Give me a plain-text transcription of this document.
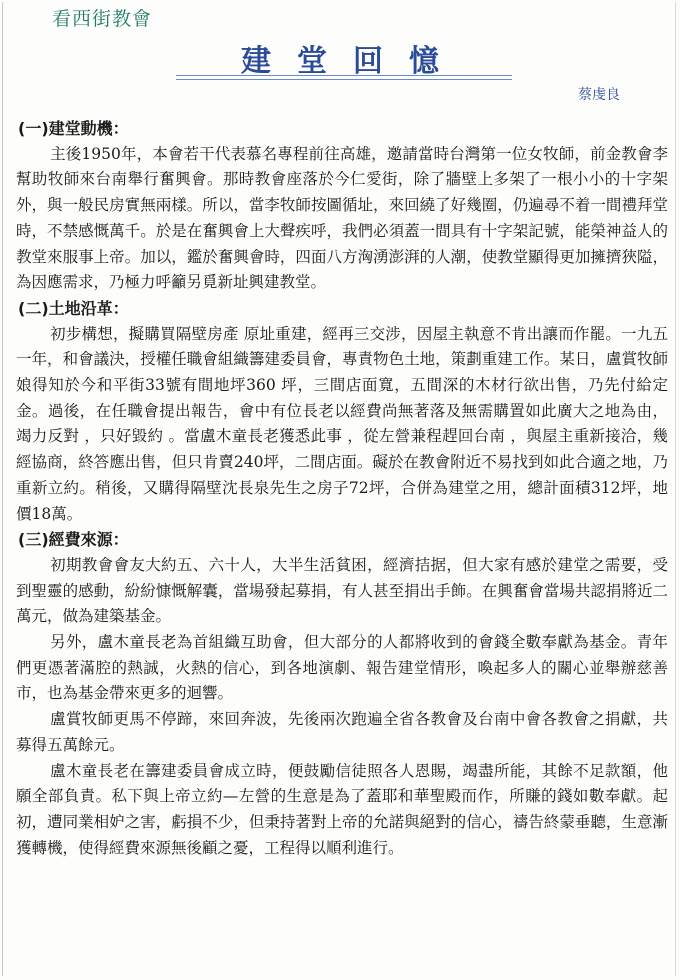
看西街教會
建堂回憶
蔡虔良

(一)建堂動機：

主後1950年，本會若干代表慕名專程前往高雄，邀請當時台灣第一位女牧師，前金教會李幫助牧師來台南舉行奮興會。那時教會座落於今仁愛街，除了牆壁上多架了一根小小的十字架外，與一般民房實無兩樣。所以，當李牧師按圖循址，來回繞了好幾圈，仍遍尋不着一間禮拜堂時，不禁感慨萬千。於是在奮興會上大聲疾呼，我們必須蓋一間具有十字架記號，能榮神益人的教堂來服事上帝。加以，鑑於奮興會時，四面八方洶湧澎湃的人潮，使教堂顯得更加擁擠狹隘，為因應需求，乃極力呼籲另覓新址興建教堂。

(二)土地沿革：

初步構想，擬購買隔壁房產 原址重建，經再三交涉，因屋主執意不肯出讓而作罷。一九五一年，和會議決，授權任職會組織籌建委員會，專責物色土地，策劃重建工作。某日，盧賞牧師娘得知於今和平街33號有間地坪360 坪，三間店面寬，五間深的木材行欲出售，乃先付給定金。過後，在任職會提出報告，會中有位長老以經費尚無著落及無需購置如此廣大之地為由， 竭力反對 ，只好毀約 。當盧木童長老獲悉此事 ，從左營兼程趕回台南 ，與屋主重新接洽，幾經協商，終答應出售，但只肯賣240坪，二間店面。礙於在教會附近不易找到如此合適之地，乃重新立約。稍後，又購得隔壁沈長泉先生之房子72坪，合併為建堂之用，總計面積312坪，地價18萬。

(三)經費來源：

初期教會會友大約五、六十人，大半生活貧困，經濟拮据，但大家有感於建堂之需要，受到聖靈的感動，紛紛慷慨解囊，當場發起募捐，有人甚至捐出手飾。在興奮會當場共認捐將近二萬元，做為建築基金。

另外，盧木童長老為首組織互助會，但大部分的人都將收到的會錢全數奉獻為基金。青年們更憑著滿腔的熱誠，火熱的信心，到各地演劇、報告建堂情形，喚起多人的關心並舉辦慈善市，也為基金帶來更多的迴響。

盧賞牧師更馬不停蹄，來回奔波，先後兩次跑遍全省各教會及台南中會各教會之捐獻，共募得五萬餘元。

盧木童長老在籌建委員會成立時，便鼓勵信徒照各人恩賜，竭盡所能，其餘不足款額，他願全部負責。私下與上帝立約—左營的生意是為了蓋耶和華聖殿而作，所賺的錢如數奉獻。起初，遭同業相妒之害，虧損不少，但秉持著對上帝的允諾與絕對的信心，禱告終蒙垂聽，生意漸獲轉機，使得經費來源無後顧之憂，工程得以順利進行。
